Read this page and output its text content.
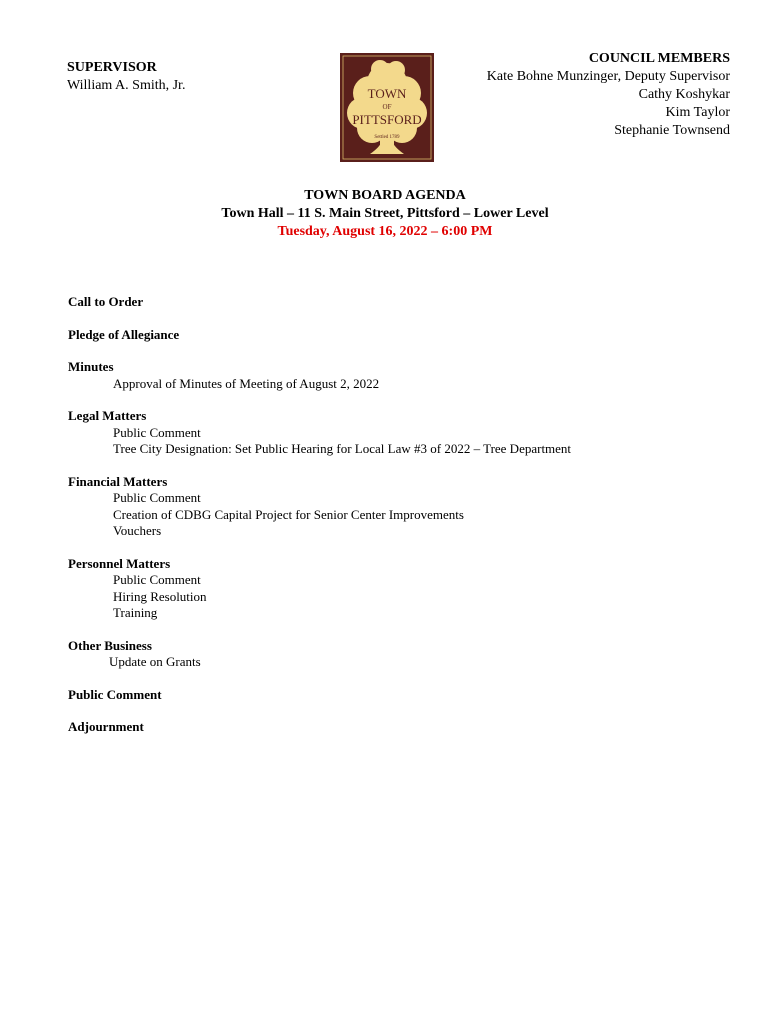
SUPERVISOR
William A. Smith, Jr.
TOWN
OF
PITTSFORD
Settled 1789
COUNCIL MEMBERS
Kate Bohne Munzinger, Deputy Supervisor
Cathy Koshykar
Kim Taylor
Stephanie Townsend
TOWN BOARD AGENDA
Town Hall – 11 S. Main Street, Pittsford – Lower Level
Tuesday, August 16, 2022 – 6:00 PM
Call to Order
Pledge of Allegiance
Minutes
Approval of Minutes of Meeting of August 2, 2022
Legal Matters
Public Comment
Tree City Designation: Set Public Hearing for Local Law #3 of 2022 – Tree Department
Financial Matters
Public Comment
Creation of CDBG Capital Project for Senior Center Improvements
Vouchers
Personnel Matters
Public Comment
Hiring Resolution
Training
Other Business
Update on Grants
Public Comment
Adjournment
